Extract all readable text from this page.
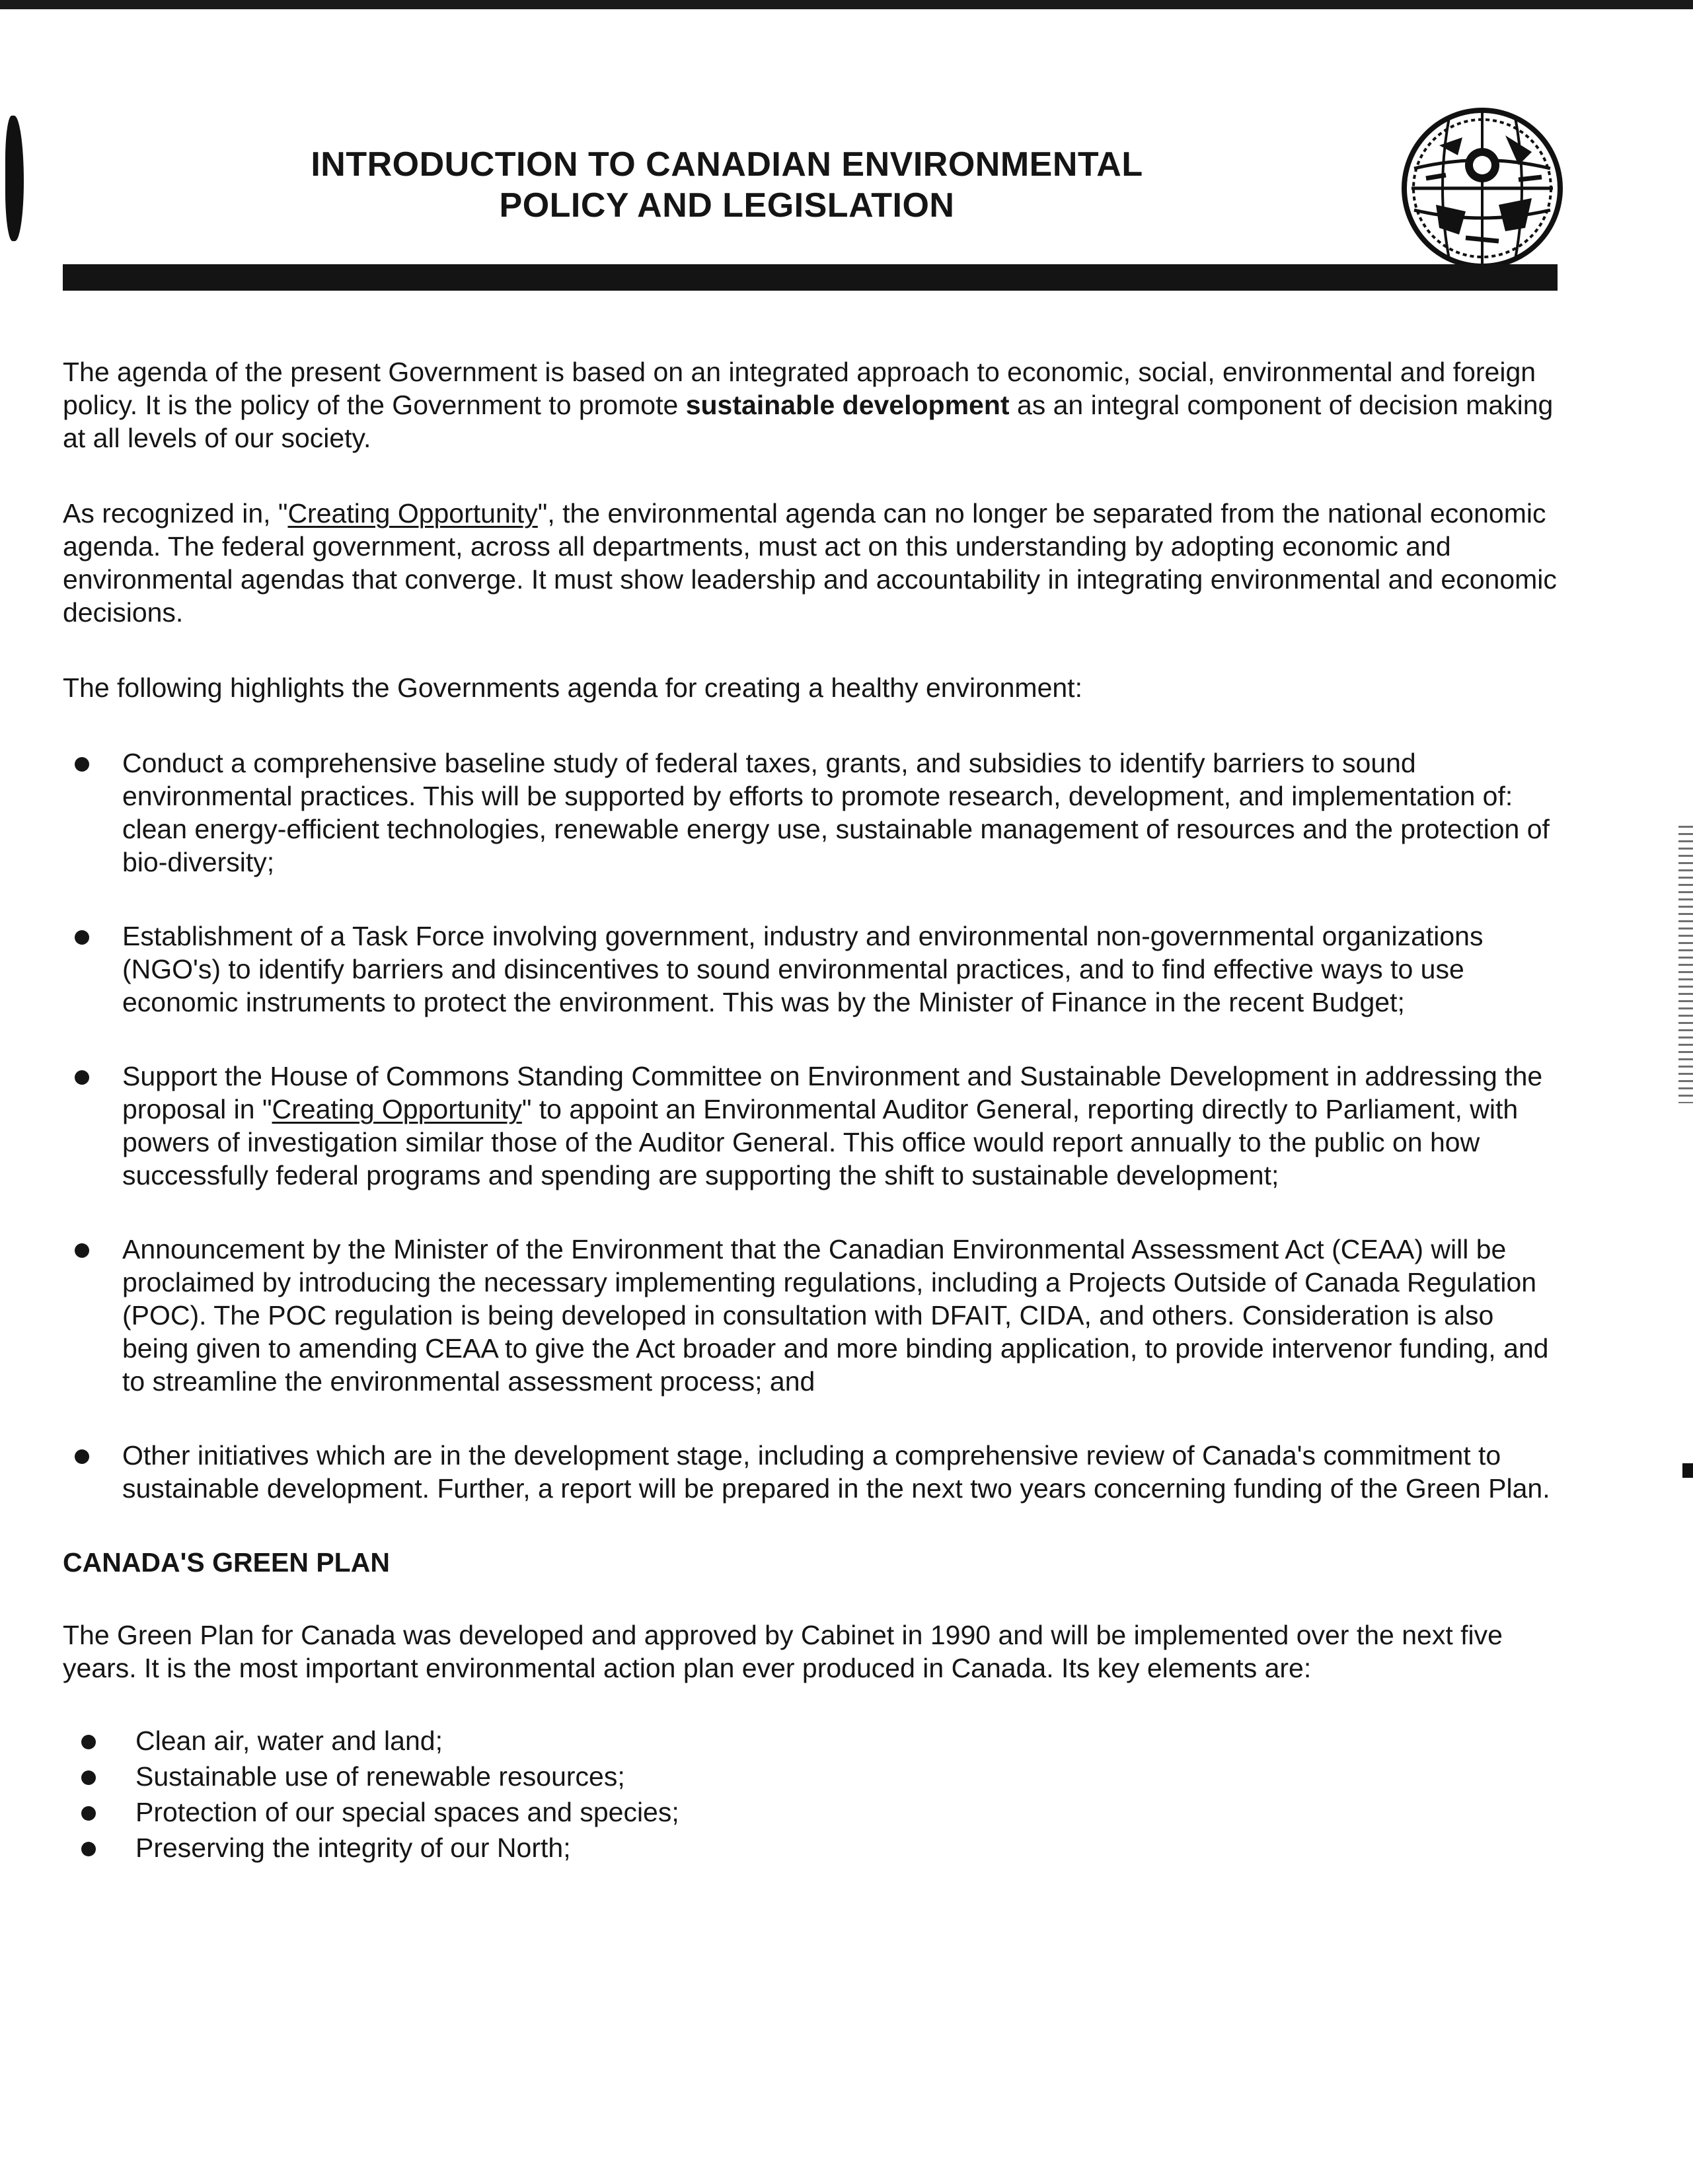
INTRODUCTION TO CANADIAN ENVIRONMENTAL
POLICY AND LEGISLATION

The agenda of the present Government is based on an integrated approach to economic, social, environmental and foreign policy. It is the policy of the Government to promote sustainable development as an integral component of decision making at all levels of our society.

As recognized in, "Creating Opportunity", the environmental agenda can no longer be separated from the national economic agenda. The federal government, across all departments, must act on this understanding by adopting economic and environmental agendas that converge. It must show leadership and accountability in integrating environmental and economic decisions.

The following highlights the Governments agenda for creating a healthy environment:

Conduct a comprehensive baseline study of federal taxes, grants, and subsidies to identify barriers to sound environmental practices. This will be supported by efforts to promote research, development, and implementation of: clean energy-efficient technologies, renewable energy use, sustainable management of resources and the protection of bio-diversity;
Establishment of a Task Force involving government, industry and environmental non-governmental organizations (NGO's) to identify barriers and disincentives to sound environmental practices, and to find effective ways to use economic instruments to protect the environment. This was by the Minister of Finance in the recent Budget;
Support the House of Commons Standing Committee on Environment and Sustainable Development in addressing the proposal in "Creating Opportunity" to appoint an Environmental Auditor General, reporting directly to Parliament, with powers of investigation similar those of the Auditor General. This office would report annually to the public on how successfully federal programs and spending are supporting the shift to sustainable development;
Announcement by the Minister of the Environment that the Canadian Environmental Assessment Act (CEAA) will be proclaimed by introducing the necessary implementing regulations, including a Projects Outside of Canada Regulation (POC). The POC regulation is being developed in consultation with DFAIT, CIDA, and others. Consideration is also being given to amending CEAA to give the Act broader and more binding application, to provide intervenor funding, and to streamline the environmental assessment process; and
Other initiatives which are in the development stage, including a comprehensive review of Canada's commitment to sustainable development. Further, a report will be prepared in the next two years concerning funding of the Green Plan.
CANADA'S GREEN PLAN

The Green Plan for Canada was developed and approved by Cabinet in 1990 and will be implemented over the next five years. It is the most important environmental action plan ever produced in Canada. Its key elements are:

Clean air, water and land;
Sustainable use of renewable resources;
Protection of our special spaces and species;
Preserving the integrity of our North;
